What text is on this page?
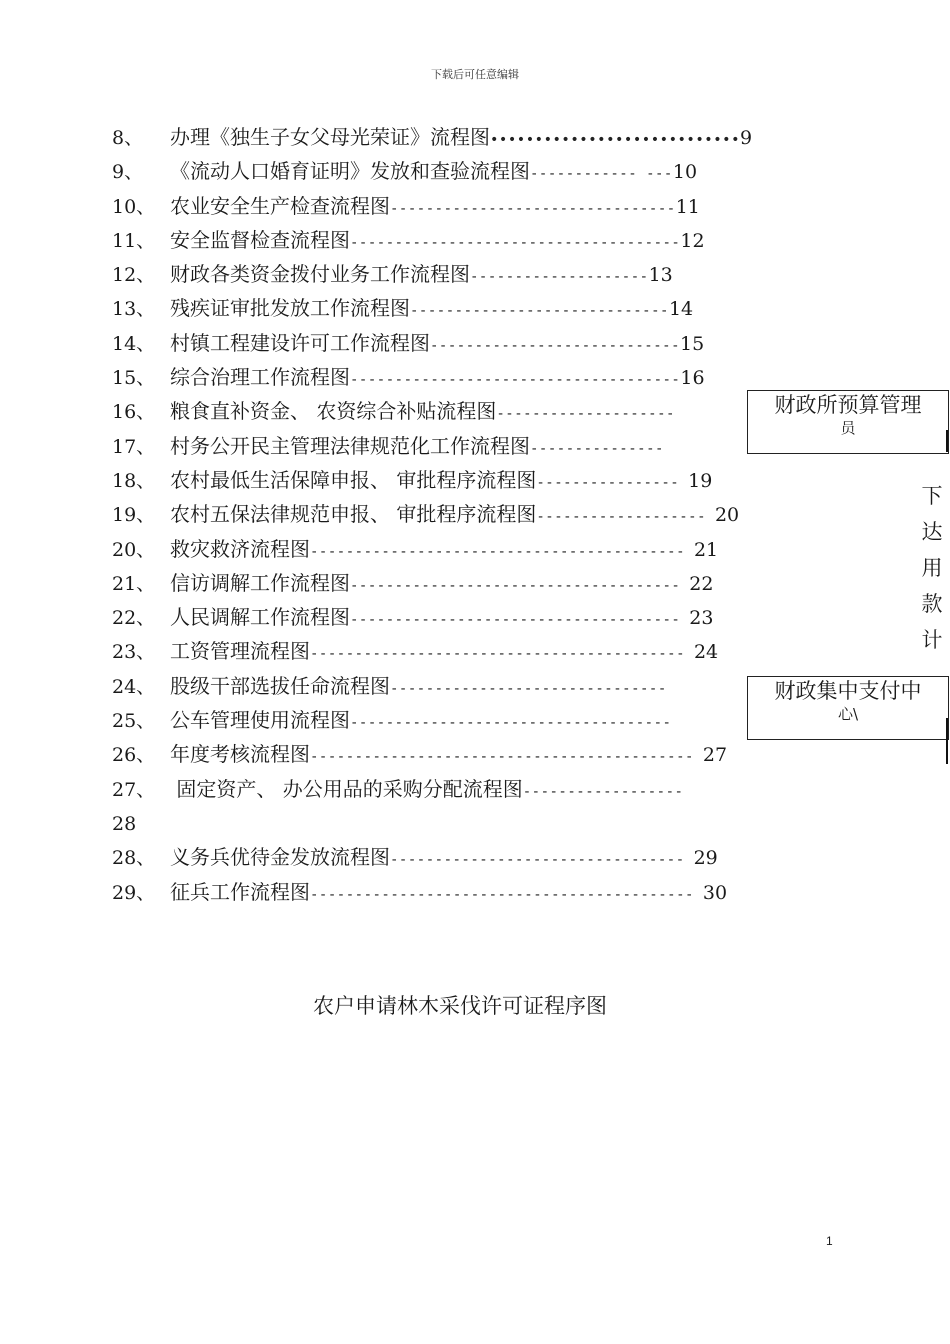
下载后可任意编辑
8、 办理《独生子女父母光荣证》流程图••••••••••••••••••••••••••••9
9、 《流动人口婚育证明》发放和查验流程图------------ ---10
10、 农业安全生产检查流程图--------------------------------11
11、 安全监督检查流程图-------------------------------------12
12、 财政各类资金拨付业务工作流程图--------------------13
13、 残疾证审批发放工作流程图-----------------------------14
14、 村镇工程建设许可工作流程图----------------------------15
15、 综合治理工作流程图-------------------------------------16
16、 粮食直补资金、 农资综合补贴流程图--------------------
17、 村务公开民主管理法律规范化工作流程图---------------
18、 农村最低生活保障申报、 审批程序流程图---------------- 19
19、 农村五保法律规范申报、 审批程序流程图------------------- 20
20、 救灾救济流程图------------------------------------------ 21
21、 信访调解工作流程图------------------------------------- 22
22、 人民调解工作流程图------------------------------------- 23
23、 工资管理流程图------------------------------------------ 24
24、 股级干部选拔任命流程图-------------------------------
25、 公车管理使用流程图------------------------------------
26、 年度考核流程图------------------------------------------- 27
27、 固定资产、 办公用品的采购分配流程图------------------
28
28、 义务兵优待金发放流程图--------------------------------- 29
29、 征兵工作流程图------------------------------------------- 30
财政所预算管理

员
下
达
用
款
计
财政集中支付中

心\
农户申请林木采伐许可证程序图
1
